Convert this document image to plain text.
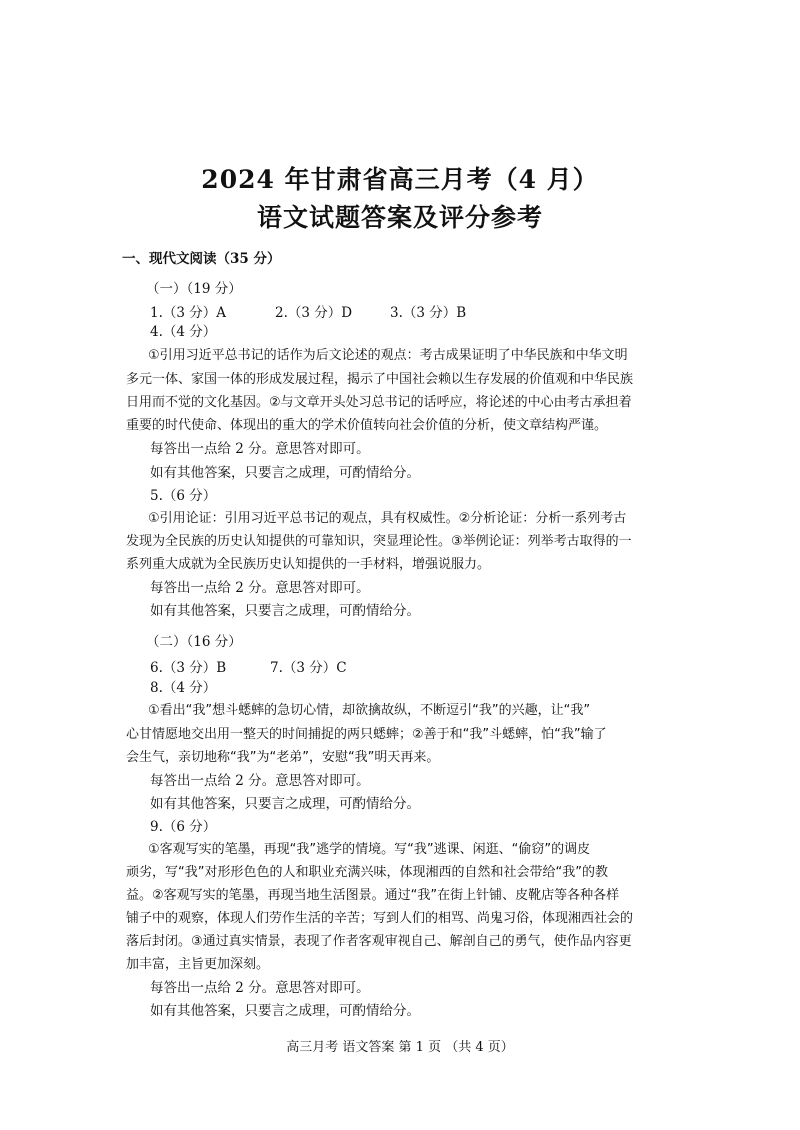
2024 年甘肃省高三月考（4 月）
语文试题答案及评分参考
一、现代文阅读（35 分）
（一）（19 分）
1.（3 分）A	2.（3 分）D	3.（3 分）B
4.（4 分）
①引用习近平总书记的话作为后文论述的观点：考古成果证明了中华民族和中华文明
多元一体、家国一体的形成发展过程，揭示了中国社会赖以生存发展的价值观和中华民族
日用而不觉的文化基因。②与文章开头处习总书记的话呼应，将论述的中心由考古承担着
重要的时代使命、体现出的重大的学术价值转向社会价值的分析，使文章结构严谨。
每答出一点给 2 分。意思答对即可。
如有其他答案，只要言之成理，可酌情给分。
5.（6 分）
①引用论证：引用习近平总书记的观点，具有权威性。②分析论证：分析一系列考古
发现为全民族的历史认知提供的可靠知识，突显理论性。③举例论证：列举考古取得的一
系列重大成就为全民族历史认知提供的一手材料，增强说服力。
每答出一点给 2 分。意思答对即可。
如有其他答案，只要言之成理，可酌情给分。
（二）（16 分）
6.（3 分）B	7.（3 分）C
8.（4 分）
①看出“我”想斗蟋蟀的急切心情，却欲擒故纵，不断逗引“我”的兴趣，让“我”
心甘情愿地交出用一整天的时间捕捉的两只蟋蟀；②善于和“我”斗蟋蟀，怕“我”输了
会生气，亲切地称“我”为“老弟”，安慰“我”明天再来。
每答出一点给 2 分。意思答对即可。
如有其他答案，只要言之成理，可酌情给分。
9.（6 分）
①客观写实的笔墨，再现“我”逃学的情境。写“我”逃课、闲逛、“偷窃”的调皮
顽劣，写“我”对形形色色的人和职业充满兴味，体现湘西的自然和社会带给“我”的教
益。②客观写实的笔墨，再现当地生活图景。通过“我”在街上针铺、皮靴店等各种各样
铺子中的观察，体现人们劳作生活的辛苦；写到人们的相骂、尚鬼习俗，体现湘西社会的
落后封闭。③通过真实情景，表现了作者客观审视自己、解剖自己的勇气，使作品内容更
加丰富，主旨更加深刻。
高三月考 语文答案 第 1 页 （共 4 页）
每答出一点给 2 分。意思答对即可。
如有其他答案，只要言之成理，可酌情给分。
